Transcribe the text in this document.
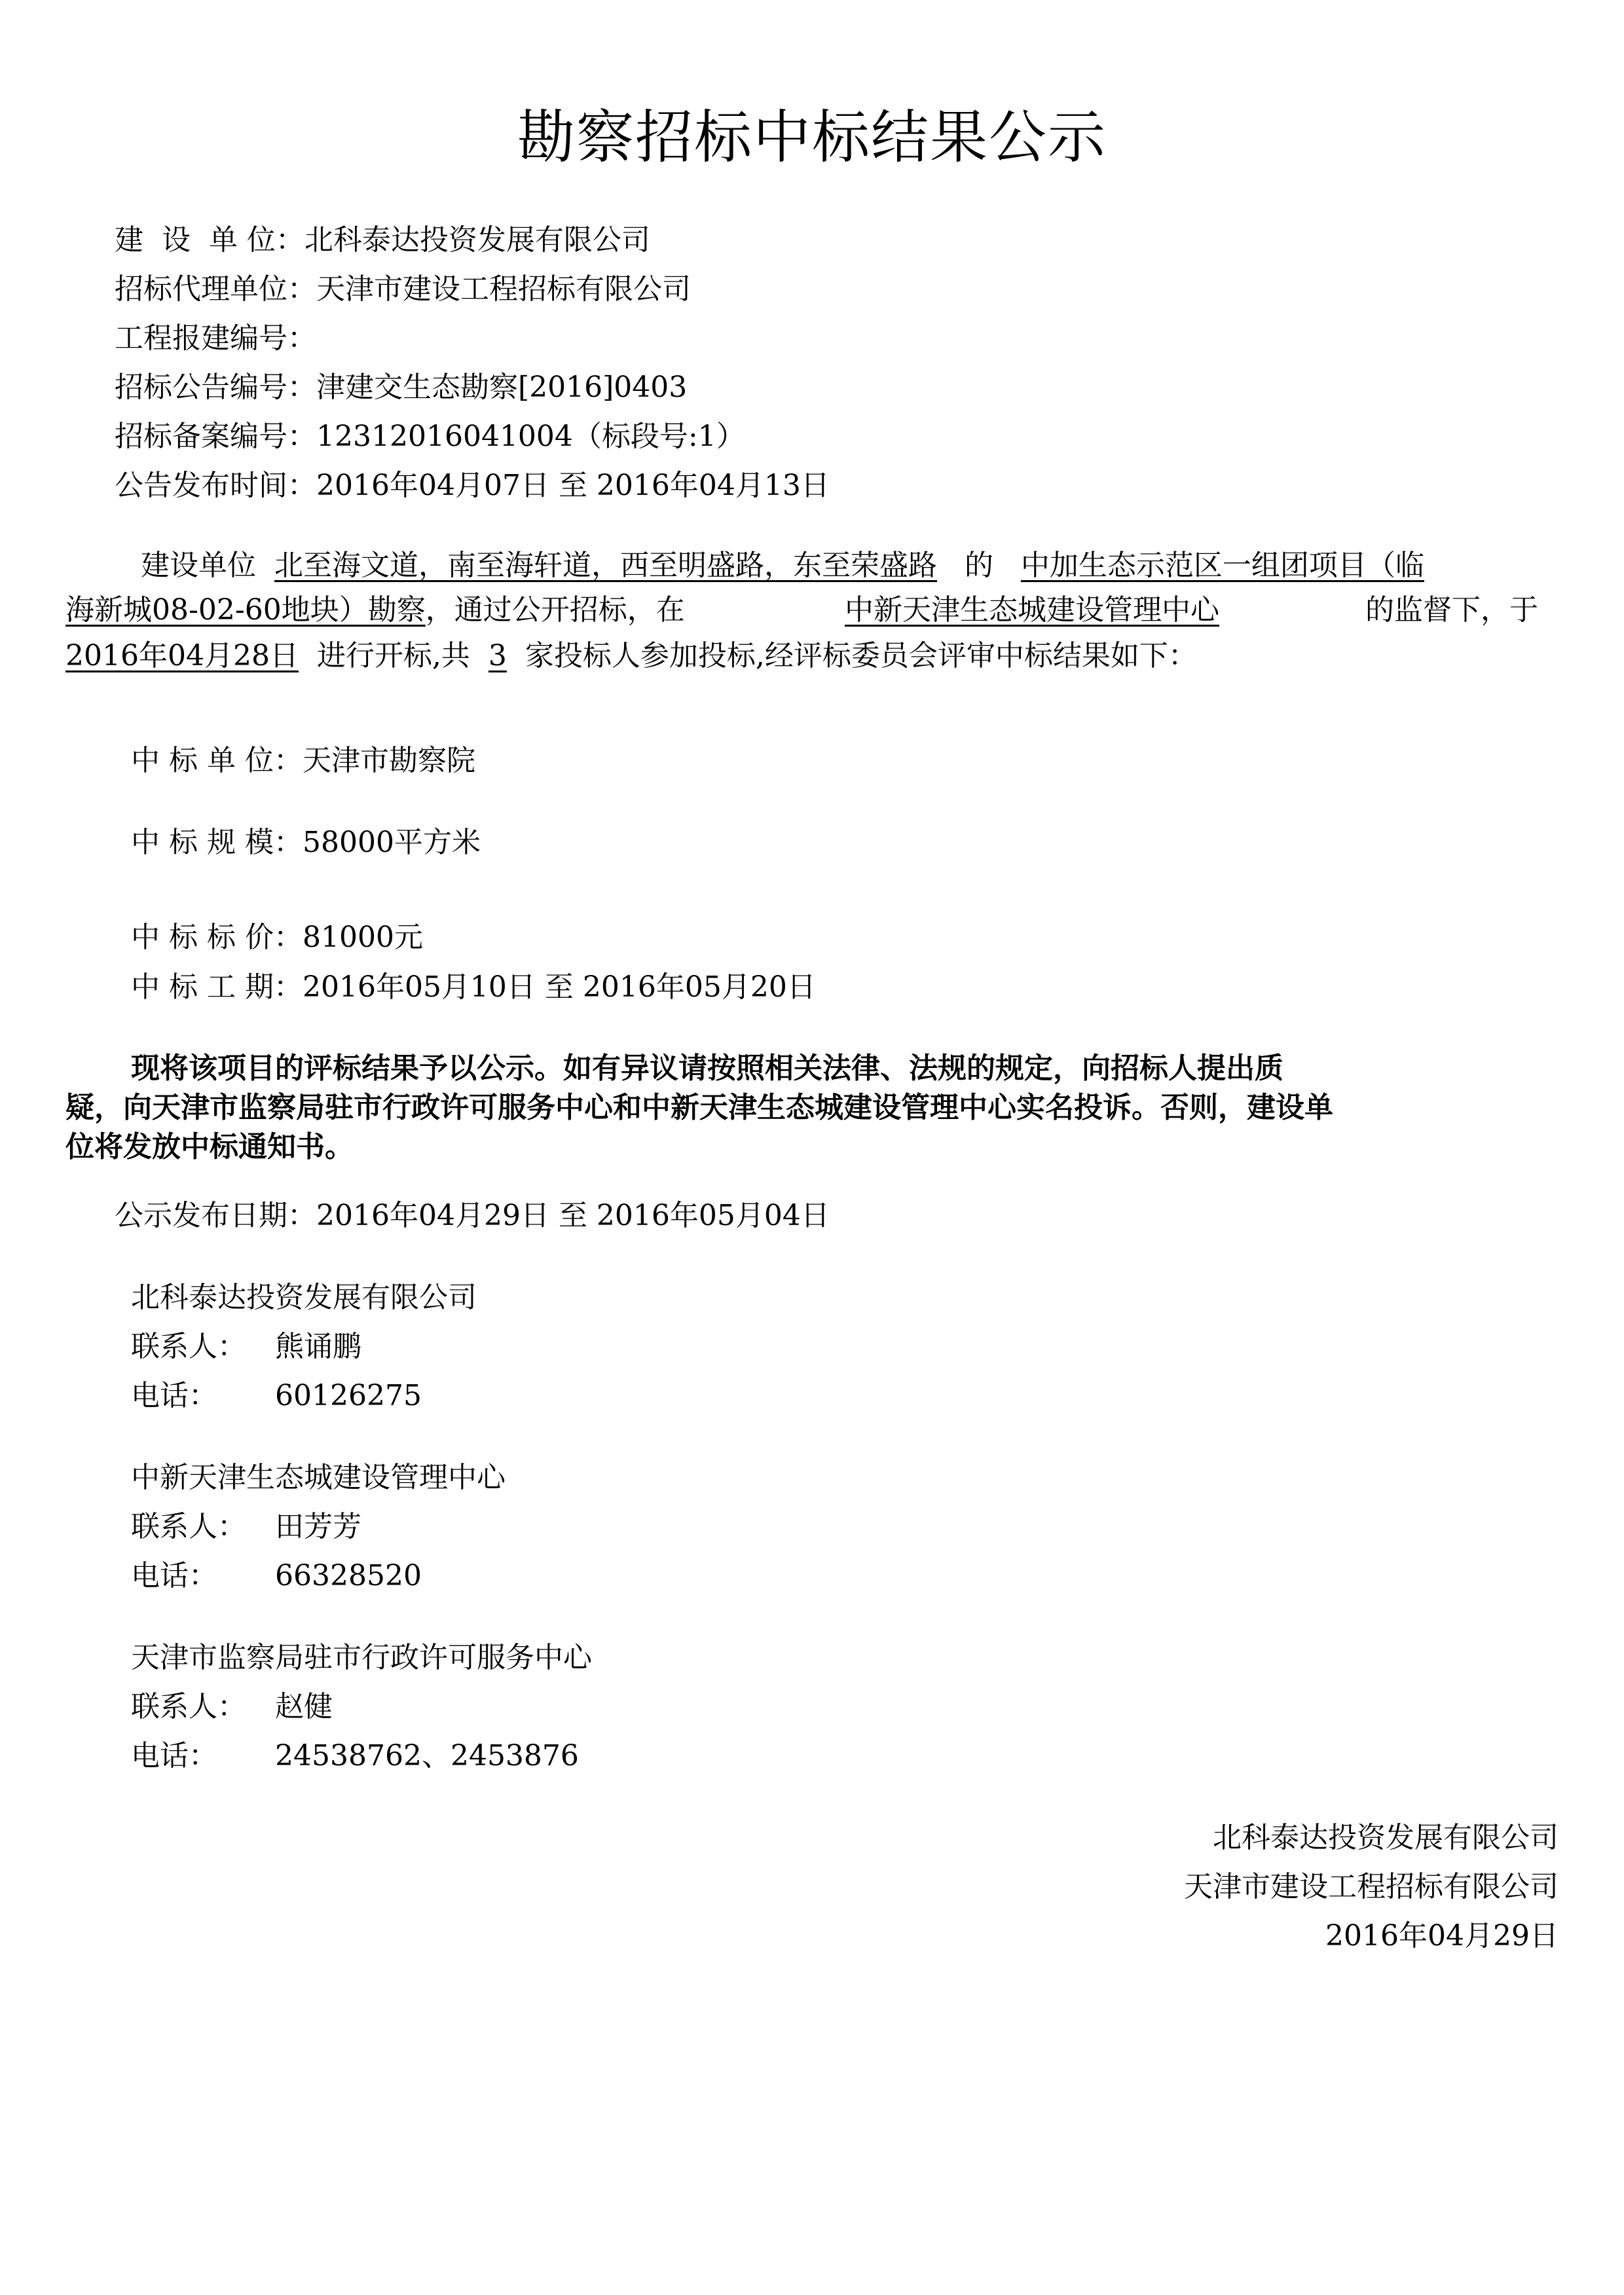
勘察招标中标结果公示
建  设  单 位：北科泰达投资发展有限公司
招标代理单位：天津市建设工程招标有限公司
工程报建编号：
招标公告编号：津建交生态勘察[2016]0403
招标备案编号：12312016041004（标段号:1）
公告发布时间：2016年04月07日 至 2016年04月13日
建设单位 北至海文道，南至海轩道，西至明盛路，东至荣盛路 的 中加生态示范区一组团项目（临
海新城08-02-60地块）勘察，通过公开招标，在	中新天津生态城建设管理中心	的监督下，于
2016年04月28日 进行开标,共 3 家投标人参加投标,经评标委员会评审中标结果如下：
中 标 单 位：天津市勘察院
中 标 规 模：58000平方米
中 标 标 价：81000元
中 标 工 期：2016年05月10日 至 2016年05月20日
现将该项目的评标结果予以公示。如有异议请按照相关法律、法规的规定，向招标人提出质
疑，向天津市监察局驻市行政许可服务中心和中新天津生态城建设管理中心实名投诉。否则，建设单
位将发放中标通知书。
公示发布日期：2016年04月29日 至 2016年05月04日
北科泰达投资发展有限公司
联系人： 熊诵鹏
电话： 60126275
中新天津生态城建设管理中心
联系人： 田芳芳
电话： 66328520
天津市监察局驻市行政许可服务中心
联系人： 赵健
电话： 24538762、2453876
北科泰达投资发展有限公司
天津市建设工程招标有限公司
2016年04月29日
